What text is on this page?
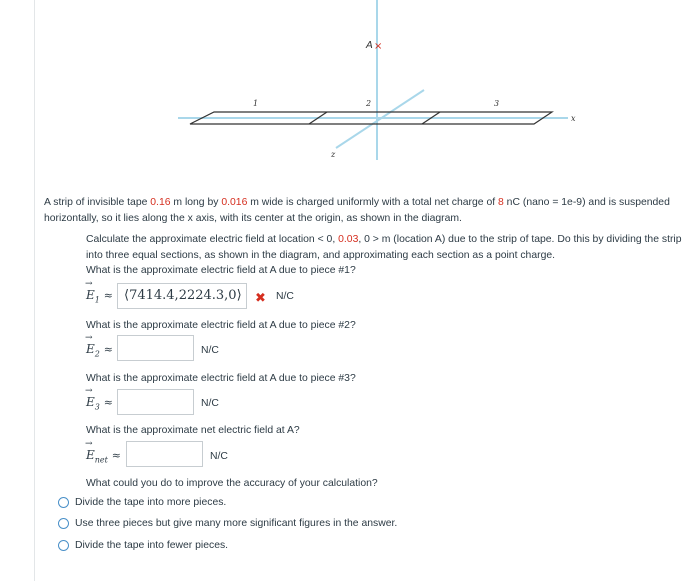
A ×
1	2	3
x
z
A strip of invisible tape 0.16 m long by 0.016 m wide is charged uniformly with a total net charge of 8 nC (nano = 1e-9) and is suspended horizontally, so it lies along the x axis, with its center at the origin, as shown in the diagram.
Calculate the approximate electric field at location < 0, 0.03, 0 > m (location A) due to the strip of tape. Do this by dividing the strip into three equal sections, as shown in the diagram, and approximating each section as a point charge.
What is the approximate electric field at A due to piece #1?
→ $E_1$ ≈ ⟨7414.4,2224.3,0⟩	✖ N/C
What is the approximate electric field at A due to piece #2?
→ $E_2$ ≈	N/C
What is the approximate electric field at A due to piece #3?
→ $E_3$ ≈	N/C
What is the approximate net electric field at A?
→ $E_{net}$ ≈	N/C
What could you do to improve the accuracy of your calculation?
Divide the tape into more pieces.
Use three pieces but give many more significant figures in the answer.
Divide the tape into fewer pieces.
